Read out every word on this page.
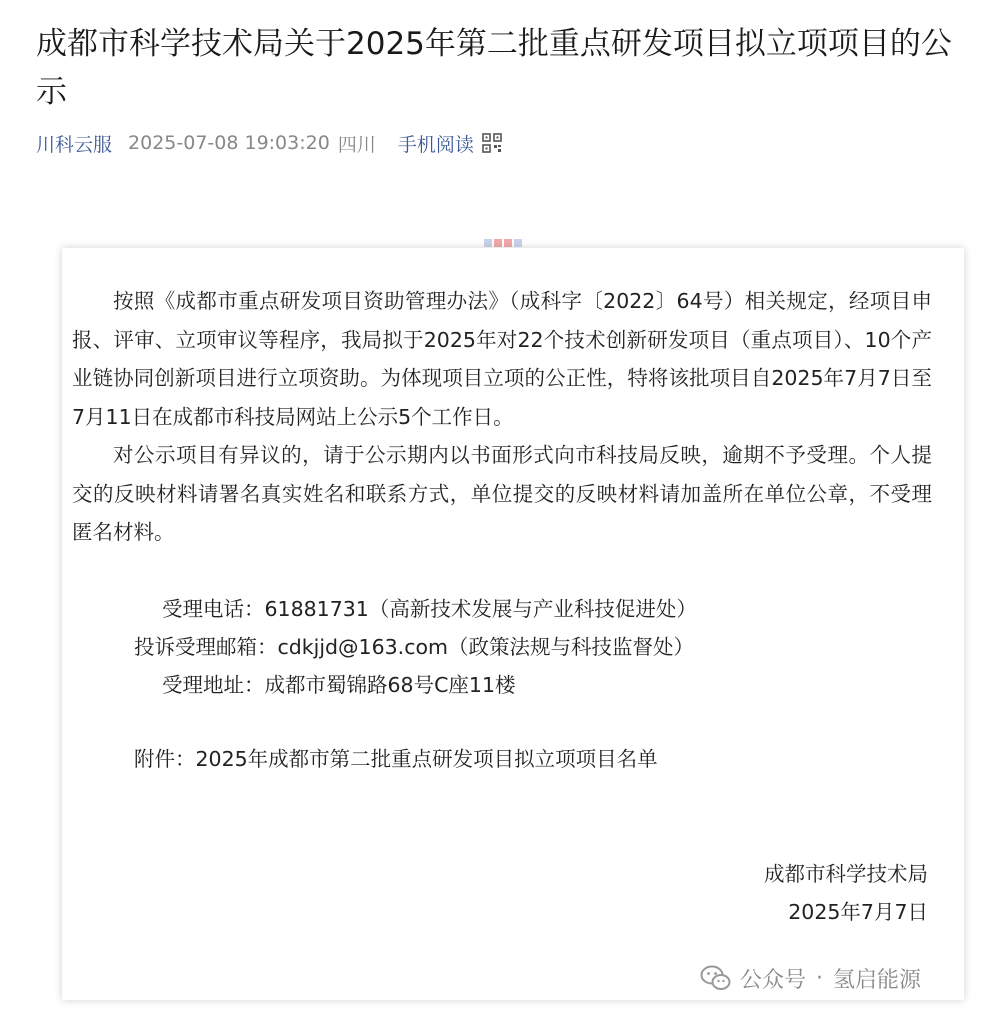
成都市科学技术局关于2025年第二批重点研发项目拟立项项目的公示
川科云服 2025-07-08 19:03:20 四川 手机阅读

按照《成都市重点研发项目资助管理办法》（成科字〔2022〕64号）相关规定，经项目申报、评审、立项审议等程序，我局拟于2025年对22个技术创新研发项目（重点项目）、10个产业链协同创新项目进行立项资助。为体现项目立项的公正性，特将该批项目自2025年7月7日至7月11日在成都市科技局网站上公示5个工作日。

对公示项目有异议的，请于公示期内以书面形式向市科技局反映，逾期不予受理。个人提交的反映材料请署名真实姓名和联系方式，单位提交的反映材料请加盖所在单位公章，不受理匿名材料。

受理电话：61881731（高新技术发展与产业科技促进处）
投诉受理邮箱：cdkjjd@163.com（政策法规与科技监督处）
受理地址：成都市蜀锦路68号C座11楼
附件：2025年成都市第二批重点研发项目拟立项项目名单
成都市科学技术局
2025年7月7日
公众号 · 氢启能源
